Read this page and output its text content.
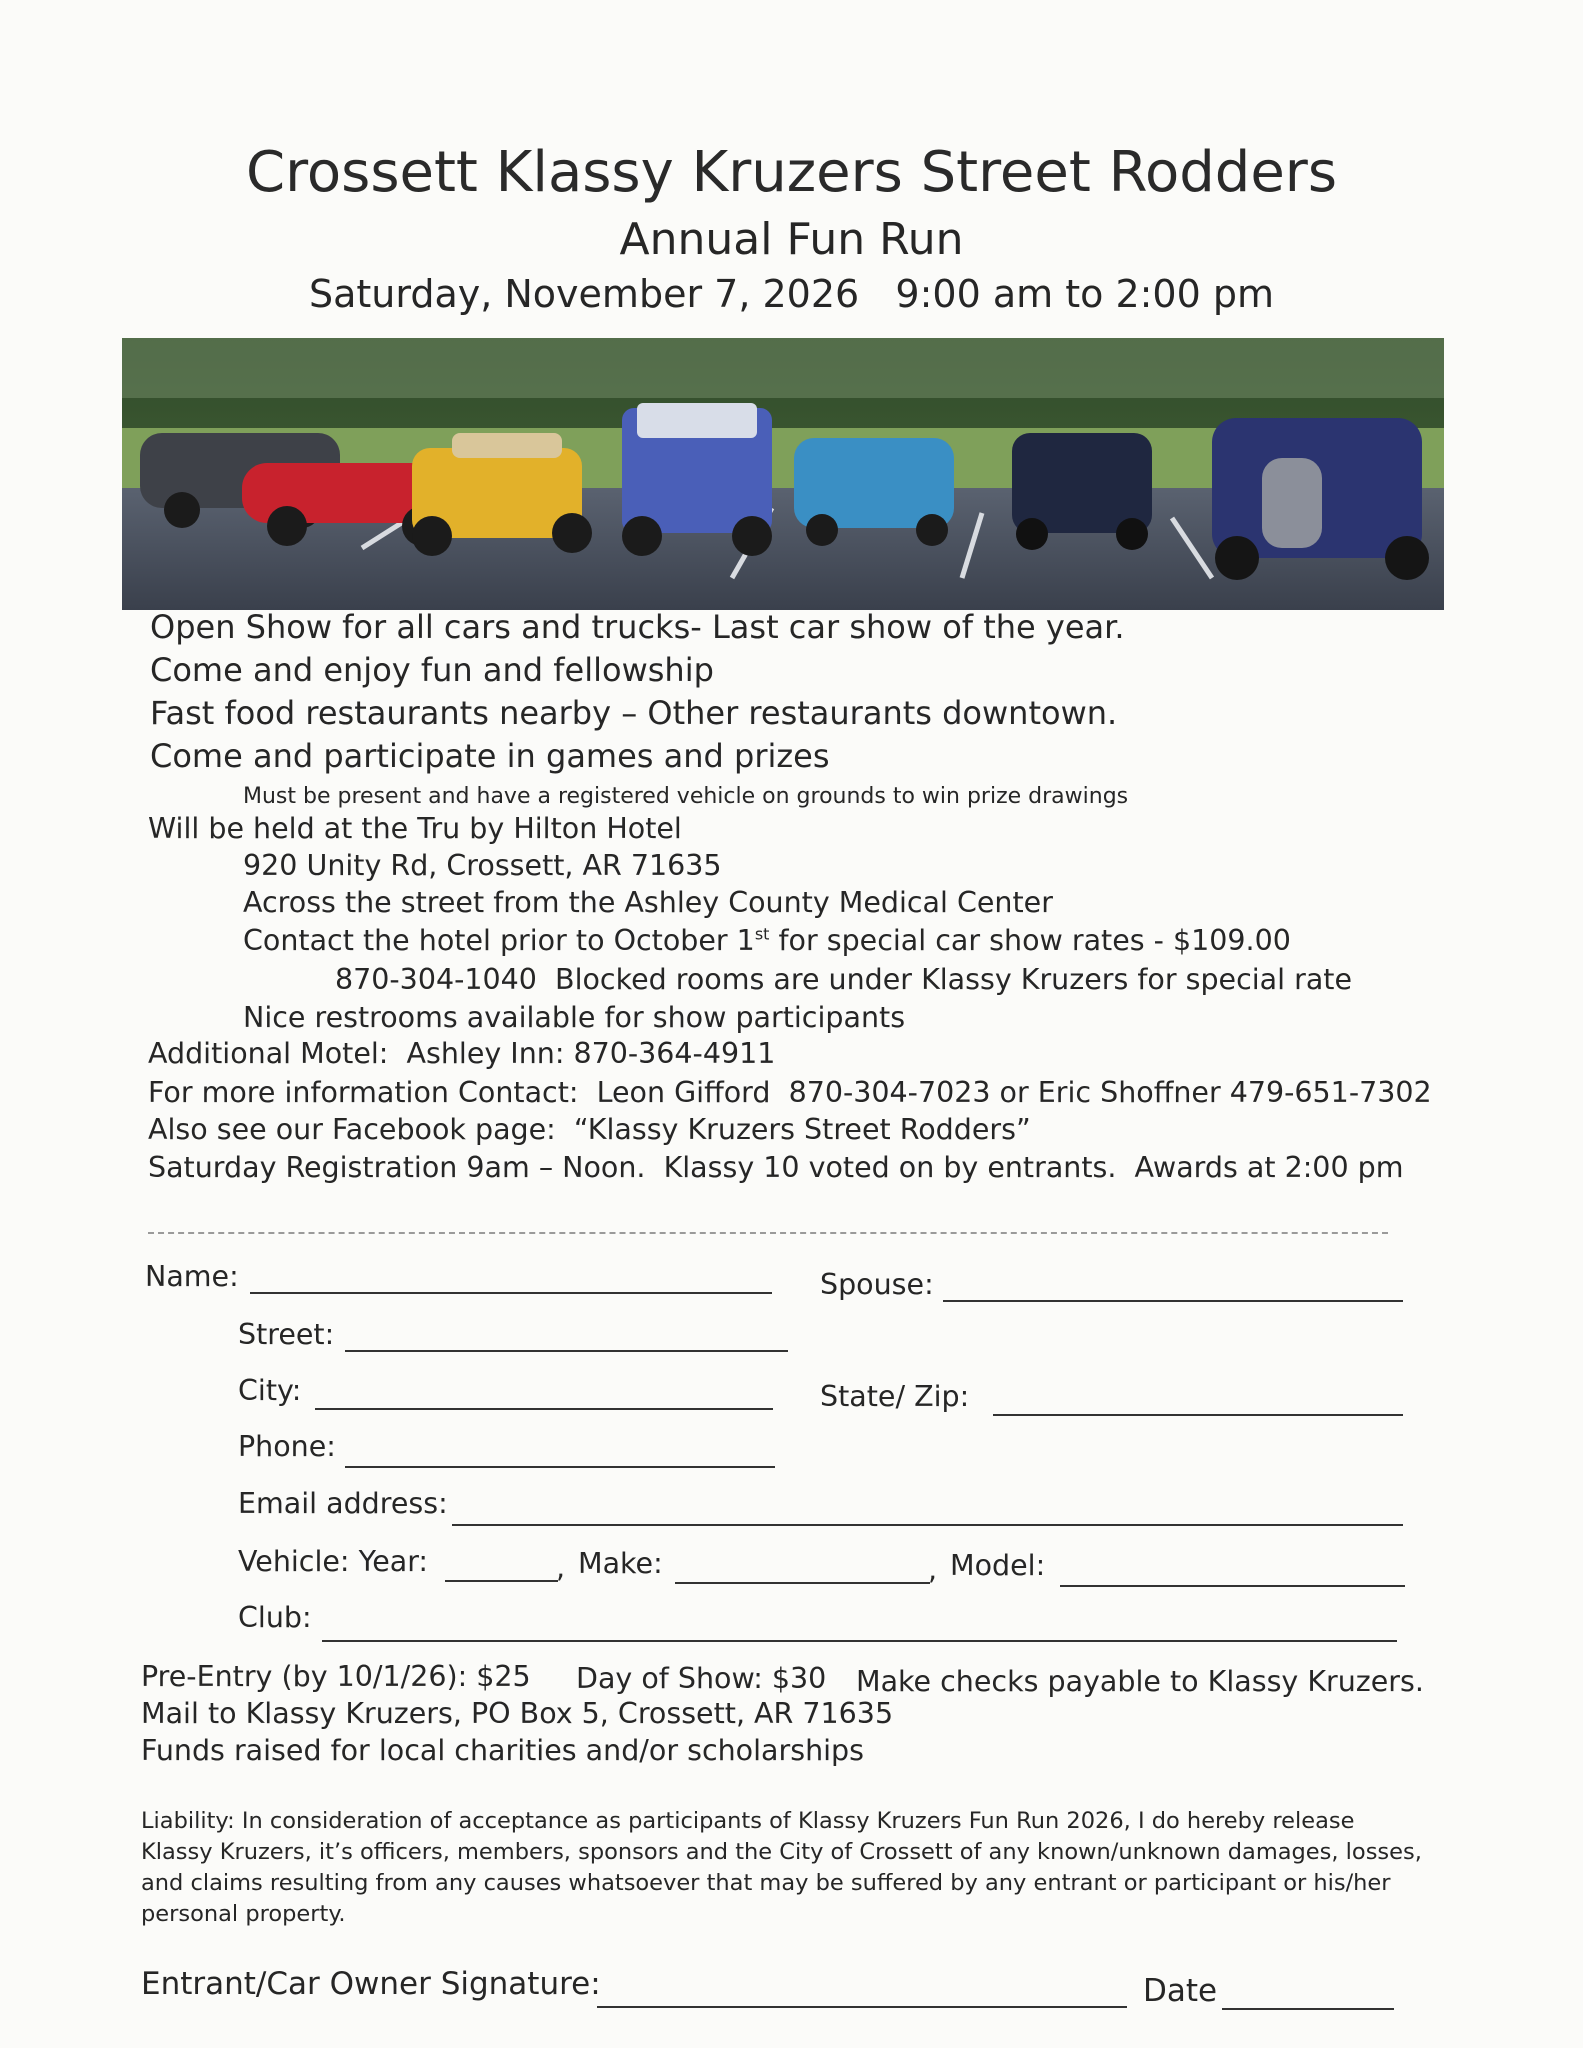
Crossett Klassy Kruzers Street Rodders
Annual Fun Run
Saturday, November 7, 2026   9:00 am to 2:00 pm
Open Show for all cars and trucks- Last car show of the year.
Come and enjoy fun and fellowship
Fast food restaurants nearby – Other restaurants downtown.
Come and participate in games and prizes
Must be present and have a registered vehicle on grounds to win prize drawings
Will be held at the Tru by Hilton Hotel
920 Unity Rd, Crossett, AR 71635
Across the street from the Ashley County Medical Center
Contact the hotel prior to October 1st for special car show rates - $109.00
870-304-1040  Blocked rooms are under Klassy Kruzers for special rate
Nice restrooms available for show participants
Additional Motel:  Ashley Inn: 870-364-4911
For more information Contact:  Leon Gifford  870-304-7023 or Eric Shoffner 479-651-7302
Also see our Facebook page:  “Klassy Kruzers Street Rodders”
Saturday Registration 9am – Noon.  Klassy 10 voted on by entrants.  Awards at 2:00 pm
Name:	Spouse:
Street:
City:	State/ Zip:
Phone:
Email address:
Vehicle: Year:	, Make:	, Model:
Club:
Pre-Entry (by 10/1/26): $25 Day of Show: $30 Make checks payable to Klassy Kruzers.
Mail to Klassy Kruzers, PO Box 5, Crossett, AR 71635
Funds raised for local charities and/or scholarships
Liability: In consideration of acceptance as participants of Klassy Kruzers Fun Run 2026, I do hereby release Klassy Kruzers, it’s officers, members, sponsors and the City of Crossett of any known/unknown damages, losses, and claims resulting from any causes whatsoever that may be suffered by any entrant or participant or his/her personal property.
Entrant/Car Owner Signature:	Date
